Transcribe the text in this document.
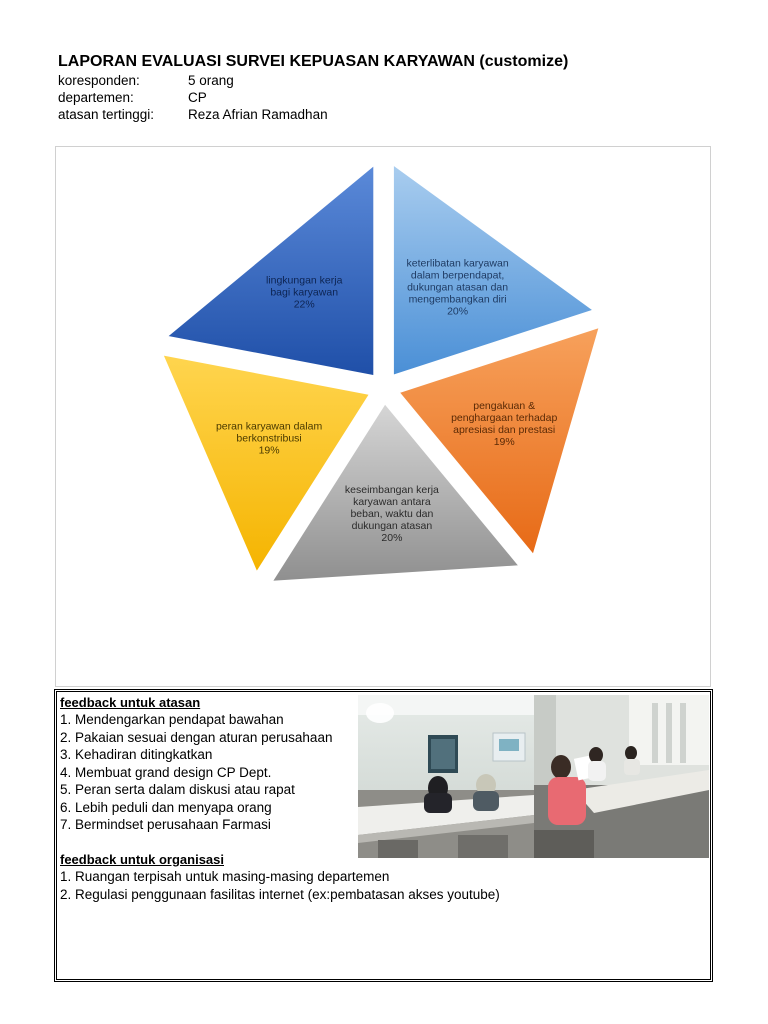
LAPORAN EVALUASI SURVEI KEPUASAN KARYAWAN (customize)
koresponden:	5 orang
departemen:	CP
atasan tertinggi:	Reza Afrian Ramadhan
keterlibatan karyawan
dalam berpendapat,
dukungan atasan dan
mengembangkan diri
20%
pengakuan &
penghargaan terhadap
apresiasi dan prestasi
19%
keseimbangan kerja
karyawan antara
beban, waktu dan
dukungan atasan
20%
peran karyawan dalam
berkonstribusi
19%
lingkungan kerja
bagi karyawan
22%
feedback untuk atasan
1. Mendengarkan pendapat bawahan
2. Pakaian sesuai dengan aturan perusahaan
3. Kehadiran ditingkatkan
4. Membuat grand design CP Dept.
5. Peran serta dalam diskusi atau rapat
6. Lebih peduli dan menyapa orang
7. Bermindset perusahaan Farmasi
feedback untuk organisasi
1. Ruangan terpisah untuk masing-masing departemen
2. Regulasi penggunaan fasilitas internet (ex:pembatasan akses youtube)
